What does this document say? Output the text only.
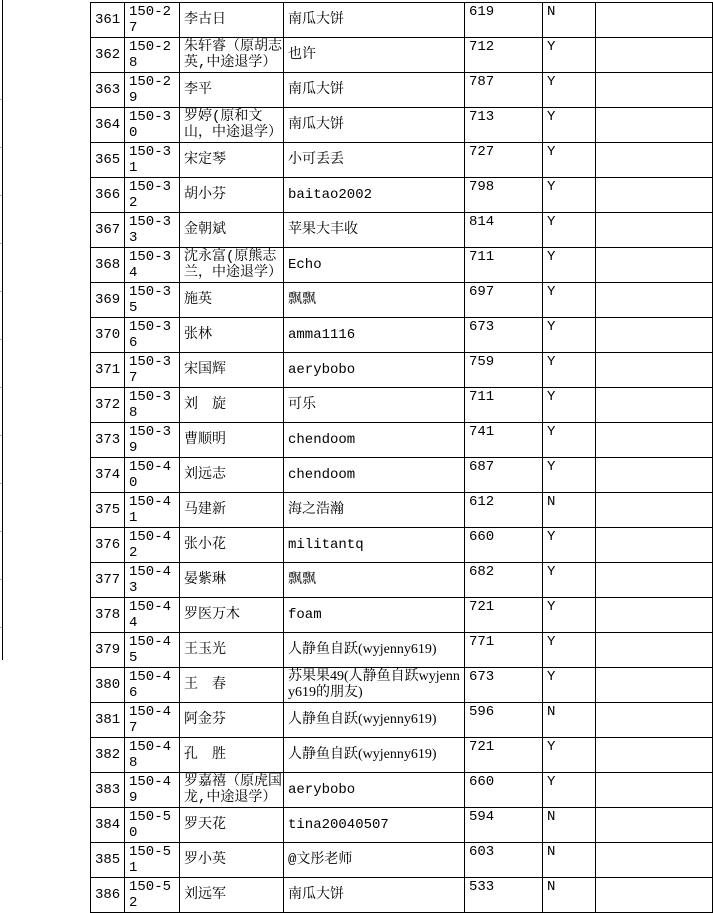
361	150-27	李古日	南瓜大饼	619	N	
362	150-28	朱轩睿（原胡志英,中途退学）	也许	712	Y	
363	150-29	李平	南瓜大饼	787	Y	
364	150-30	罗婷(原和文山，中途退学）	南瓜大饼	713	Y	
365	150-31	宋定琴	小可丢丢	727	Y	
366	150-32	胡小芬	baitao2002	798	Y	
367	150-33	金朝斌	苹果大丰收	814	Y	
368	150-34	沈永富(原熊志兰，中途退学）	Echo	711	Y	
369	150-35	施英	飘飘	697	Y	
370	150-36	张林	amma1116	673	Y	
371	150-37	宋国辉	aerybobo	759	Y	
372	150-38	刘　旋	可乐	711	Y	
373	150-39	曹顺明	chendoom	741	Y	
374	150-40	刘远志	chendoom	687	Y	
375	150-41	马建新	海之浩瀚	612	N	
376	150-42	张小花	militantq	660	Y	
377	150-43	晏紫琳	飘飘	682	Y	
378	150-44	罗医万木	foam	721	Y	
379	150-45	王玉光	人静鱼自跃(wyjenny619)	771	Y	
380	150-46	王　春	苏果果49(人静鱼自跃wyjenny619的朋友)	673	Y	
381	150-47	阿金芬	人静鱼自跃(wyjenny619)	596	N	
382	150-48	孔　胜	人静鱼自跃(wyjenny619)	721	Y	
383	150-49	罗嘉禧（原虎国龙,中途退学）	aerybobo	660	Y	
384	150-50	罗天花	tina20040507	594	N	
385	150-51	罗小英	@文彤老师	603	N	
386	150-52	刘远军	南瓜大饼	533	N	
